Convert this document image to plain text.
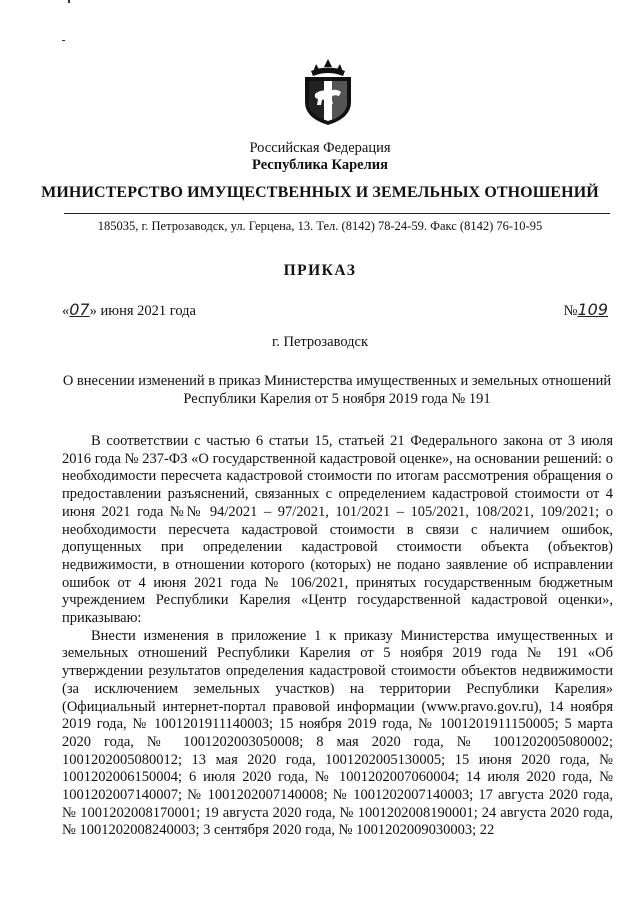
Российская Федерация
Республика Карелия
МИНИСТЕРСТВО ИМУЩЕСТВЕННЫХ И ЗЕМЕЛЬНЫХ ОТНОШЕНИЙ
185035, г. Петрозаводск, ул. Герцена, 13. Тел. (8142) 78-24-59. Факс (8142) 76-10-95
ПРИКАЗ
«07» июня 2021 года	№109
г. Петрозаводск
О внесении изменений в приказ Министерства имущественных и земельных отношений Республики Карелия от 5 ноября 2019 года № 191

В соответствии с частью 6 статьи 15, статьей 21 Федерального закона от 3 июля 2016 года № 237-ФЗ «О государственной кадастровой оценке», на основании решений: о необходимости пересчета кадастровой стоимости по итогам рассмотрения обращения о предоставлении разъяснений, связанных с определением кадастровой стоимости от 4 июня 2021 года №№ 94/2021 – 97/2021, 101/2021 – 105/2021, 108/2021, 109/2021; о необходимости пересчета кадастровой стоимости в связи с наличием ошибок, допущенных при определении кадастровой стоимости объекта (объектов) недвижимости, в отношении которого (которых) не подано заявление об исправлении ошибок от 4 июня 2021 года № 106/2021, принятых государственным бюджетным учреждением Республики Карелия «Центр государственной кадастровой оценки», приказываю:

Внести изменения в приложение 1 к приказу Министерства имущественных и земельных отношений Республики Карелия от 5 ноября 2019 года № 191 «Об утверждении результатов определения кадастровой стоимости объектов недвижимости (за исключением земельных участков) на территории Республики Карелия» (Официальный интернет-портал правовой информации (www.pravo.gov.ru), 14 ноября 2019 года, № 1001201911140003; 15 ноября 2019 года, № 1001201911150005; 5 марта 2020 года, № 1001202003050008; 8 мая 2020 года, № 1001202005080002; 1001202005080012; 13 мая 2020 года, 1001202005130005; 15 июня 2020 года, № 1001202006150004; 6 июля 2020 года, № 1001202007060004; 14 июля 2020 года, № 1001202007140007; № 1001202007140008; № 1001202007140003; 17 августа 2020 года, № 1001202008170001; 19 августа 2020 года, № 1001202008190001; 24 августа 2020 года, № 1001202008240003; 3 сентября 2020 года, № 1001202009030003; 22
